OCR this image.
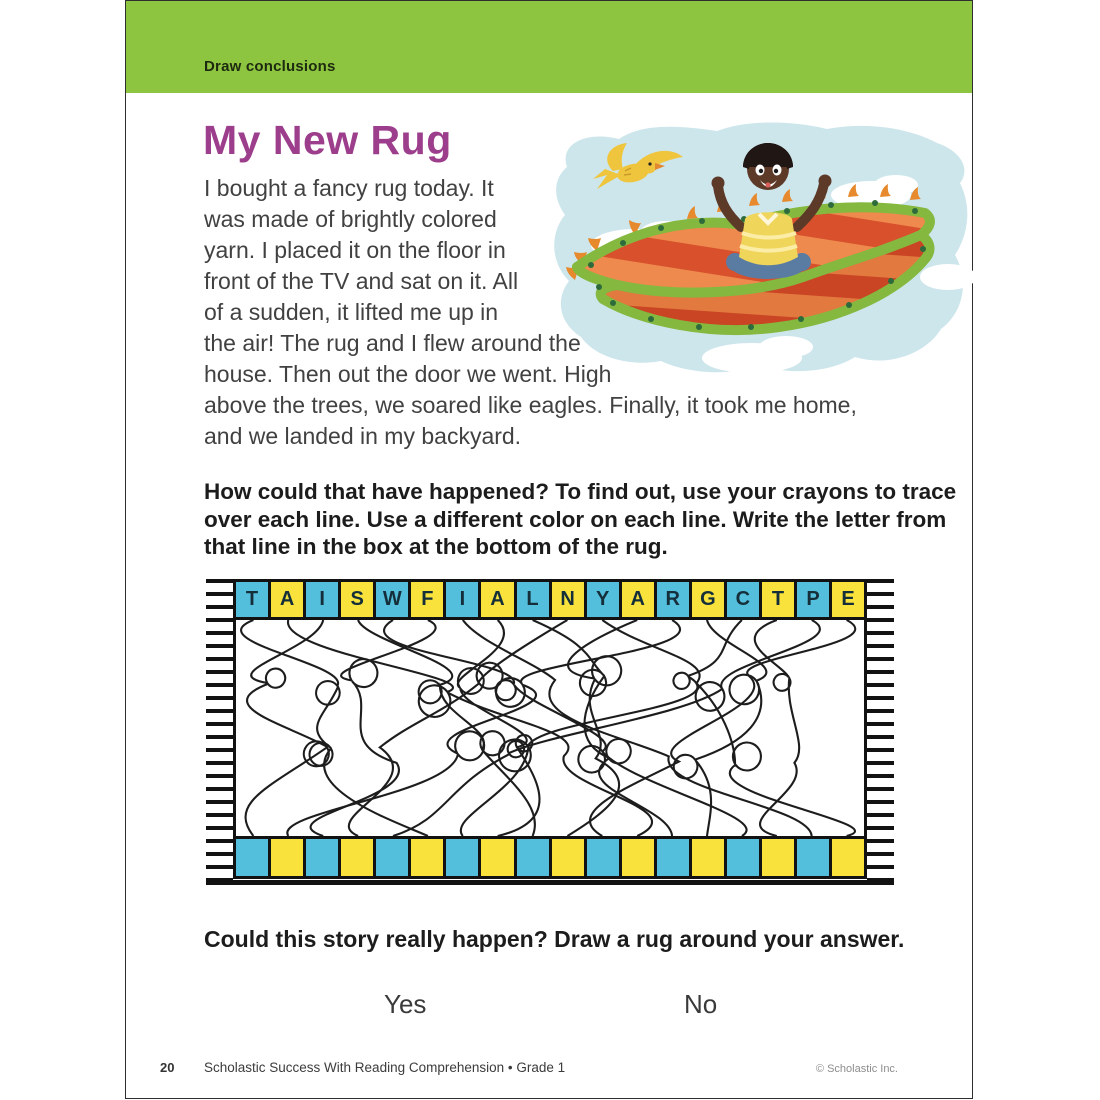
Draw conclusions
My New Rug
I bought a fancy rug today. It
was made of brightly colored
yarn. I placed it on the floor in
front of the TV and sat on it. All
of a sudden, it lifted me up in
the air! The rug and I flew around the
house. Then out the door we went. High
above the trees, we soared like eagles. Finally, it took me home,
and we landed in my backyard.
How could that have happened? To find out, use your crayons to trace
over each line. Use a different color on each line. Write the letter from
that line in the box at the bottom of the rug.
T	A	I	S W F	I	A	L	N	Y	A	R	G	C	T	P	E
Could this story really happen? Draw a rug around your answer.
Yes	No
20 Scholastic Success With Reading Comprehension • Grade 1	© Scholastic Inc.
